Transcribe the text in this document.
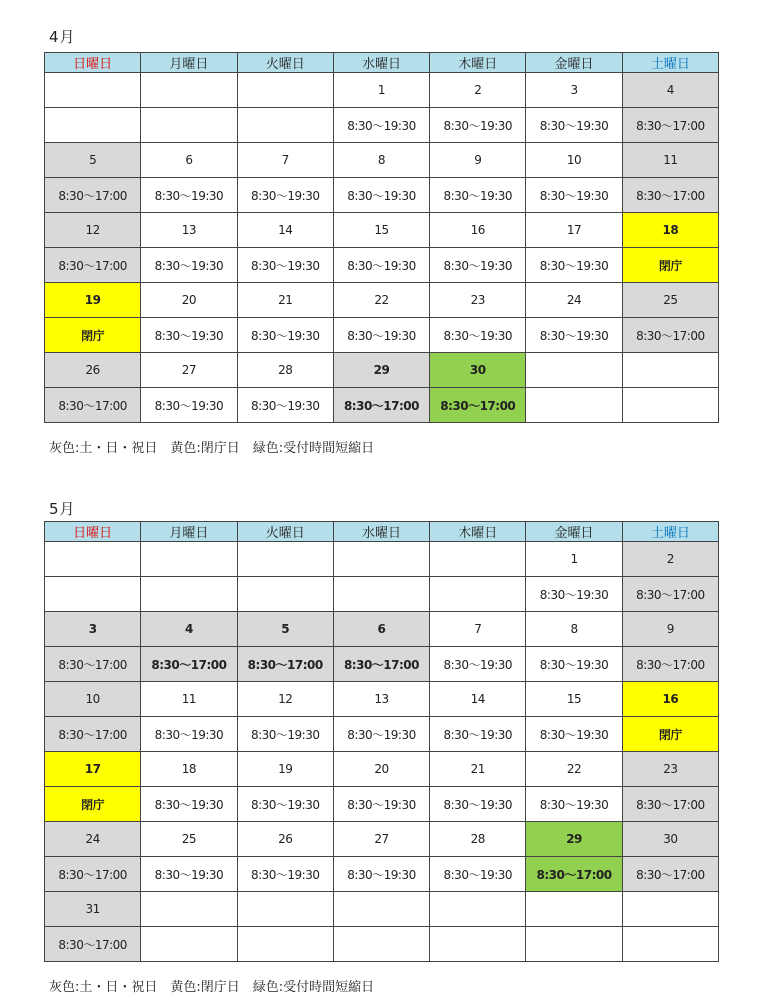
4月
日曜日	月曜日	火曜日	水曜日	木曜日	金曜日	土曜日
			1	2	3	4
			8:30～19:30	8:30～19:30	8:30～19:30	8:30～17:00
5	6	7	8	9	10	11
8:30～17:00	8:30～19:30	8:30～19:30	8:30～19:30	8:30～19:30	8:30～19:30	8:30～17:00
12	13	14	15	16	17	18
8:30～17:00	8:30～19:30	8:30～19:30	8:30～19:30	8:30～19:30	8:30～19:30	閉庁
19	20	21	22	23	24	25
閉庁	8:30～19:30	8:30～19:30	8:30～19:30	8:30～19:30	8:30～19:30	8:30～17:00
26	27	28	29	30		
8:30～17:00	8:30～19:30	8:30～19:30	8:30～17:00	8:30～17:00		
灰色:土・日・祝日　黄色:閉庁日　緑色:受付時間短縮日
5月
日曜日	月曜日	火曜日	水曜日	木曜日	金曜日	土曜日
					1	2
					8:30～19:30	8:30～17:00
3	4	5	6	7	8	9
8:30～17:00	8:30～17:00	8:30～17:00	8:30～17:00	8:30～19:30	8:30～19:30	8:30～17:00
10	11	12	13	14	15	16
8:30～17:00	8:30～19:30	8:30～19:30	8:30～19:30	8:30～19:30	8:30～19:30	閉庁
17	18	19	20	21	22	23
閉庁	8:30～19:30	8:30～19:30	8:30～19:30	8:30～19:30	8:30～19:30	8:30～17:00
24	25	26	27	28	29	30
8:30～17:00	8:30～19:30	8:30～19:30	8:30～19:30	8:30～19:30	8:30～17:00	8:30～17:00
31						
8:30～17:00						
灰色:土・日・祝日　黄色:閉庁日　緑色:受付時間短縮日
